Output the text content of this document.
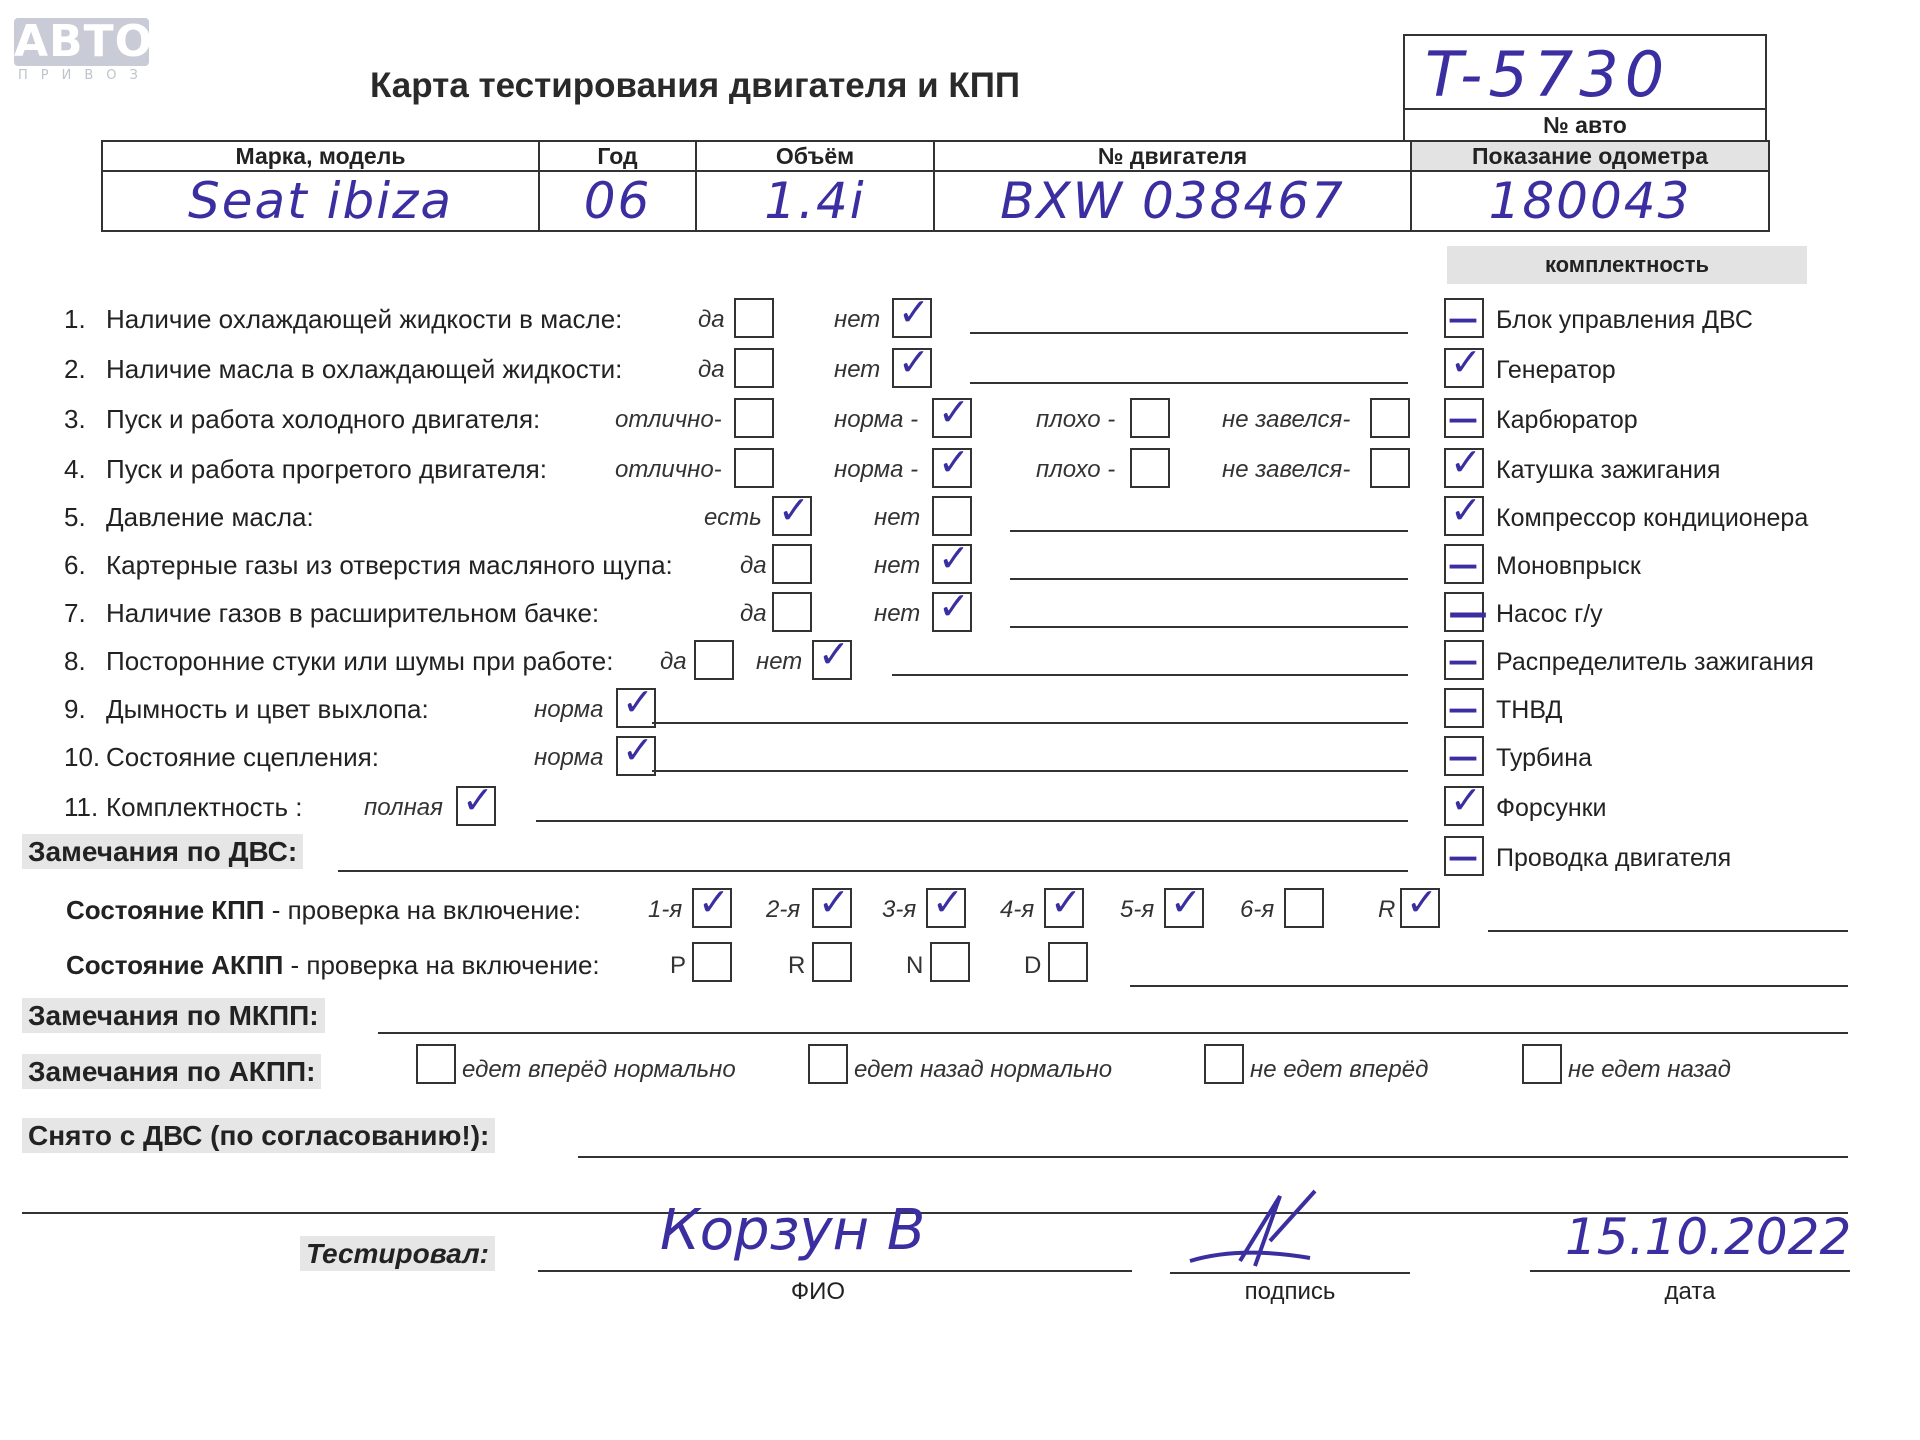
АВТО
ПРИВОЗ	Карта тестирования двигателя и КПП	T-5730
№ авто
Марка, модель	Год	Объём	№ двигателя	Показание одометра

Seat ibiza	06	1.4i	BXW 038467	180043
комплектность
1. Наличие охлаждающей жидкости в масле:	да	нет ✓
2. Наличие масла в охлаждающей жидкости:	да	нет ✓
3. Пуск и работа холодного двигателя:	отлично-	норма - ✓	плохо -	не завелся-
4. Пуск и работа прогретого двигателя:	отлично-	норма - ✓	плохо -	не завелся-
5. Давление масла:	есть ✓	нет
6. Картерные газы из отверстия масляного щупа:	да	нет ✓
7. Наличие газов в расширительном бачке:	да	нет ✓
8. Посторонние стуки или шумы при работе: да	нет ✓
9. Дымность и цвет выхлопа:	норма ✓
10. Состояние сцепления:	норма ✓
11. Комплектность :	полная ✓
— Блок управления ДВС
✓ Генератор
— Карбюратор
✓ Катушка зажигания
✓ Компрессор кондиционера
— Моновпрыск
— Насос г/у
— Распределитель зажигания
— ТНВД
— Турбина
✓ Форсунки
— Проводка двигателя
Замечания по ДВС:
Состояние КПП - проверка на включение:	1-я ✓ 2-я ✓ 3-я ✓ 4-я ✓ 5-я ✓ 6-я	R ✓
Состояние АКПП - проверка на включение:	P	R	N	D
Замечания по МКПП:
Замечания по АКПП:	едет вперёд нормально	едет назад нормально	не едет вперёд	не едет назад
Снято с ДВС (по согласованию!):
Тестировал:	Корзун В
ФИО	подпись
15.10.2022
дата
